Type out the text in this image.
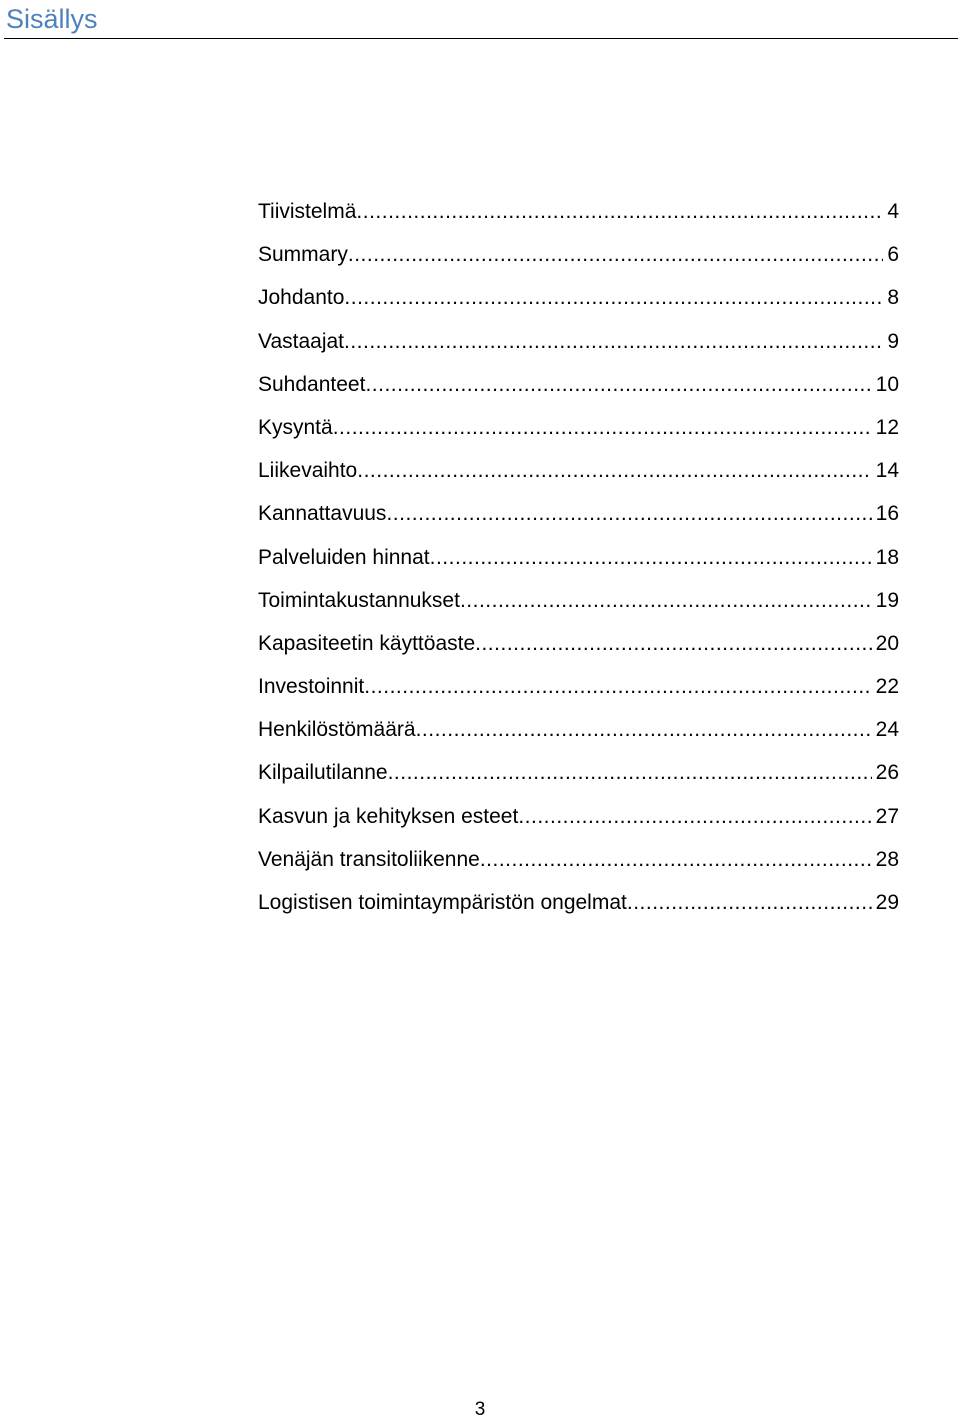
Sisällys
Tiivistelmä .....	4
Summary .....	6
Johdanto .....	8
Vastaajat .....	9
Suhdanteet .....	10
Kysyntä .....	12
Liikevaihto .....	14
Kannattavuus .....	16
Palveluiden hinnat .....	18
Toimintakustannukset .....	19
Kapasiteetin käyttöaste .....	20
Investoinnit .....	22
Henkilöstömäärä .....	24
Kilpailutilanne .....	26
Kasvun ja kehityksen esteet .....	27
Venäjän transitoliikenne .....	28
Logistisen toimintaympäristön ongelmat .....	29
3
